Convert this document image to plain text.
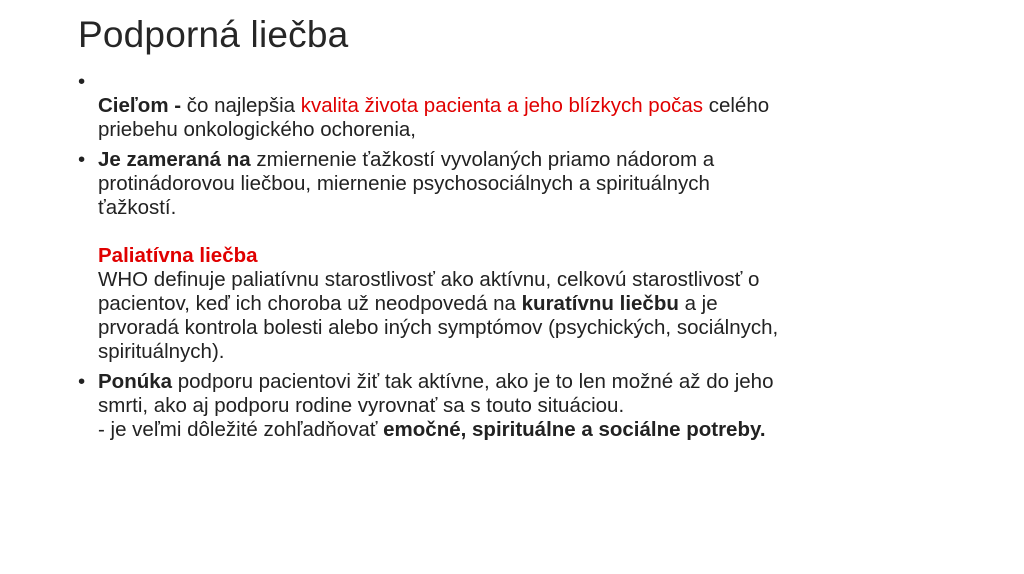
Podporná liečba
•
Cieľom - čo najlepšia kvalita života pacienta a jeho blízkych počas celého
priebehu onkologického ochorenia,
• Je zameraná na zmiernenie ťažkostí vyvolaných priamo nádorom a
protinádorovou liečbou, miernenie psychosociálnych a spirituálnych
ťažkostí.
Paliatívna liečba
WHO definuje paliatívnu starostlivosť ako aktívnu, celkovú starostlivosť o
pacientov, keď ich choroba už neodpovedá na kuratívnu liečbu a je
prvoradá kontrola bolesti alebo iných symptómov (psychických, sociálnych,
spirituálnych).
• Ponúka podporu pacientovi žiť tak aktívne, ako je to len možné až do jeho
smrti, ako aj podporu rodine vyrovnať sa s touto situáciou.
- je veľmi dôležité zohľadňovať emočné, spirituálne a sociálne potreby.
